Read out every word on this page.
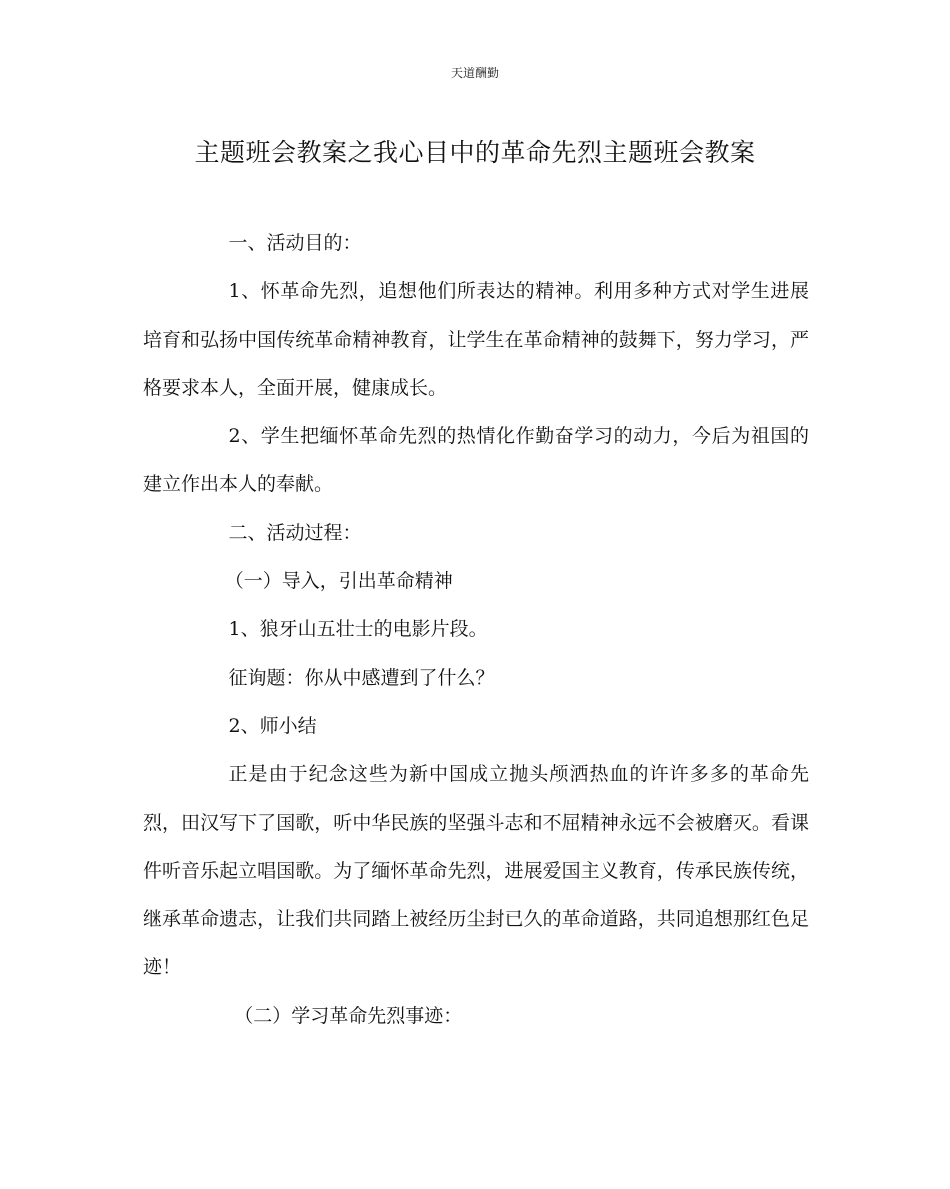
天道酬勤
主题班会教案之我心目中的革命先烈主题班会教案

一、活动目的：

1、怀革命先烈，追想他们所表达的精神。利用多种方式对学生进展培育和弘扬中国传统革命精神教育，让学生在革命精神的鼓舞下，努力学习，严格要求本人，全面开展，健康成长。

2、学生把缅怀革命先烈的热情化作勤奋学习的动力，今后为祖国的建立作出本人的奉献。

二、活动过程：

（一）导入，引出革命精神

1、狼牙山五壮士的电影片段。

征询题：你从中感遭到了什么？

2、师小结

正是由于纪念这些为新中国成立抛头颅洒热血的许许多多的革命先烈，田汉写下了国歌，听中华民族的坚强斗志和不屈精神永远不会被磨灭。看课件听音乐起立唱国歌。为了缅怀革命先烈，进展爱国主义教育，传承民族传统，继承革命遗志，让我们共同踏上被经历尘封已久的革命道路，共同追想那红色足迹！

（二）学习革命先烈事迹：
